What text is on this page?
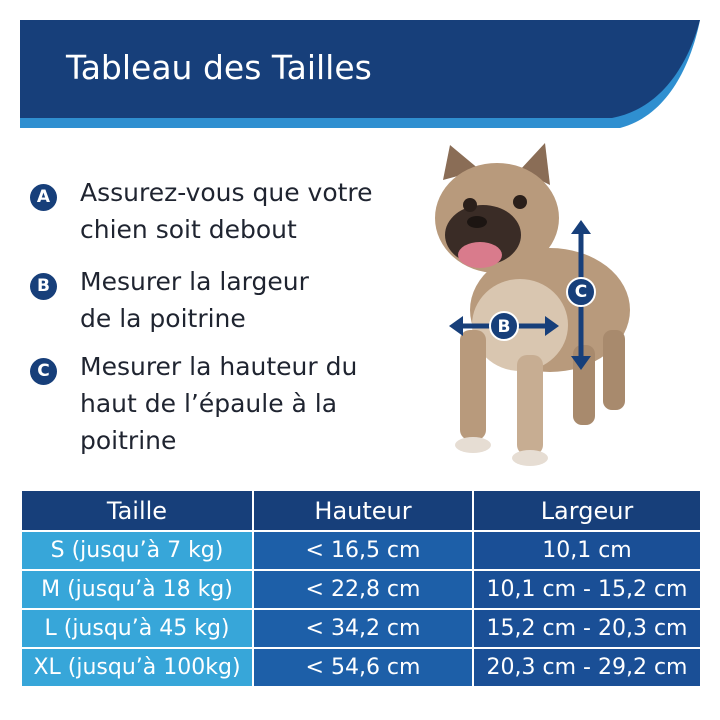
Tableau des Tailles
A Assurez-vous que votre
chien soit debout
B Mesurer la largeur
de la poitrine
C Mesurer la hauteur du
haut de l’épaule à la
poitrine
B
C
Taille	Hauteur	Largeur
S (jusqu’à 7 kg)	< 16,5 cm	10,1 cm
M (jusqu’à 18 kg)	< 22,8 cm	10,1 cm - 15,2 cm
L (jusqu’à 45 kg)	< 34,2 cm	15,2 cm - 20,3 cm
XL (jusqu’à 100kg)	< 54,6 cm	20,3 cm - 29,2 cm
